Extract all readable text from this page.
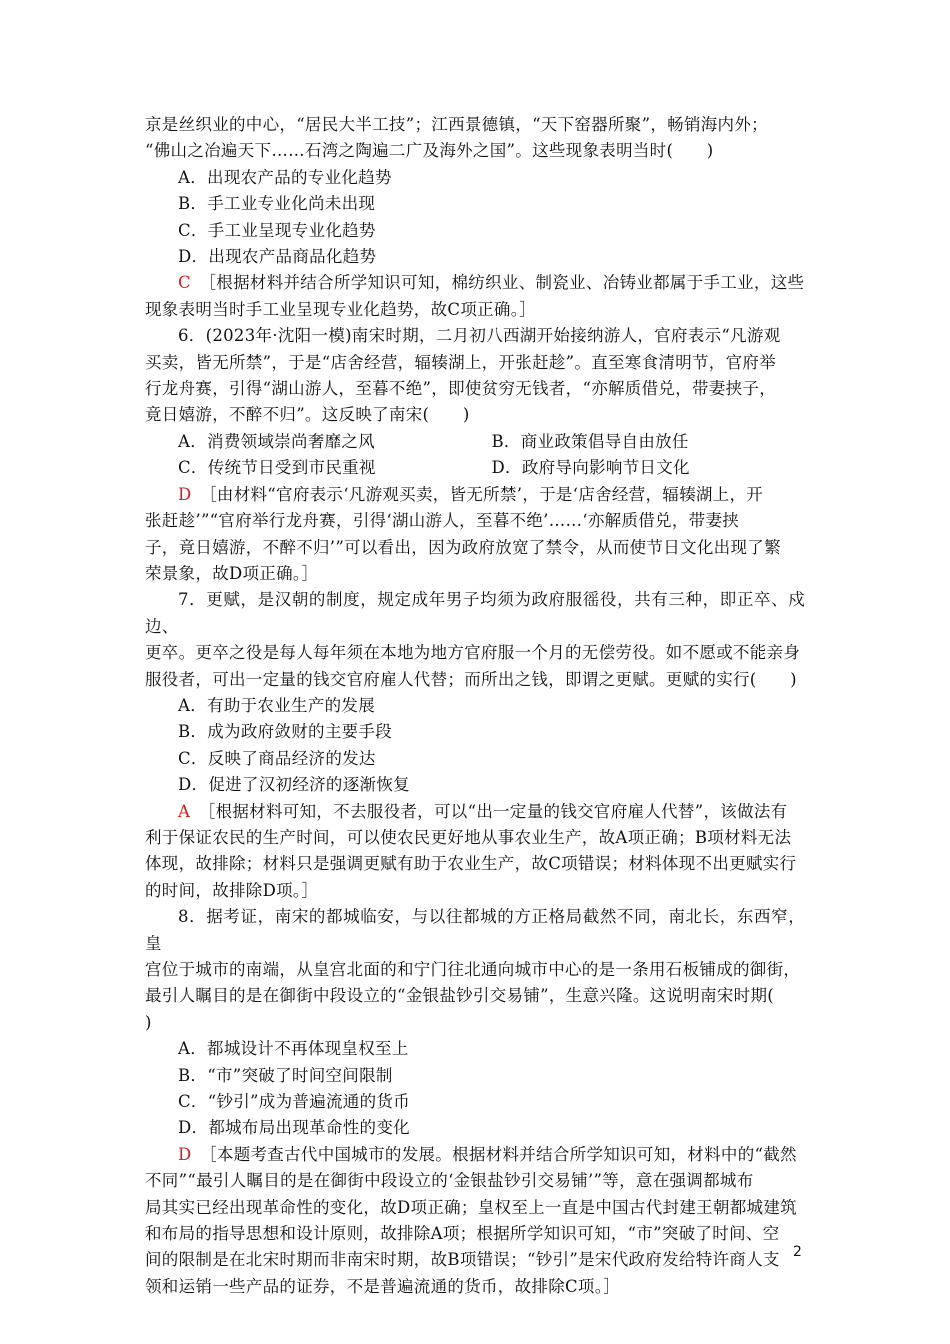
京是丝织业的中心，“居民大半工技”；江西景德镇，“天下窑器所聚”，畅销海内外；

“佛山之冶遍天下……石湾之陶遍二广及海外之国”。这些现象表明当时(　　)

A．出现农产品的专业化趋势

B．手工业专业化尚未出现

C．手工业呈现专业化趋势

D．出现农产品商品化趋势

C　 ［根据材料并结合所学知识可知，棉纺织业、制瓷业、冶铸业都属于手工业，这些

现象表明当时手工业呈现专业化趋势，故C项正确。］

6．(2023年·沈阳一模)南宋时期，二月初八西湖开始接纳游人，官府表示“凡游观

买卖，皆无所禁”，于是“店舍经营，辐辏湖上，开张赶趁”。直至寒食清明节，官府举

行龙舟赛，引得“湖山游人，至暮不绝”，即使贫穷无钱者，“亦解质借兑，带妻挟子，

竟日嬉游，不醉不归”。这反映了南宋(　　)

A．消费领域崇尚奢靡之风	B．商业政策倡导自由放任

C．传统节日受到市民重视	D．政府导向影响节日文化

D　 ［由材料“官府表示‘凡游观买卖，皆无所禁’，于是‘店舍经营，辐辏湖上，开

张赶趁’”“官府举行龙舟赛，引得‘湖山游人，至暮不绝’……‘亦解质借兑，带妻挟

子，竟日嬉游，不醉不归’”可以看出，因为政府放宽了禁令，从而使节日文化出现了繁

荣景象，故D项正确。］

7．更赋，是汉朝的制度，规定成年男子均须为政府服徭役，共有三种，即正卒、戍边、

更卒。更卒之役是每人每年须在本地为地方官府服一个月的无偿劳役。如不愿或不能亲身

服役者，可出一定量的钱交官府雇人代替；而所出之钱，即谓之更赋。更赋的实行(　　)

A．有助于农业生产的发展

B．成为政府敛财的主要手段

C．反映了商品经济的发达

D．促进了汉初经济的逐渐恢复

A　 ［根据材料可知，不去服役者，可以“出一定量的钱交官府雇人代替”，该做法有

利于保证农民的生产时间，可以使农民更好地从事农业生产，故A项正确；B项材料无法

体现，故排除；材料只是强调更赋有助于农业生产，故C项错误；材料体现不出更赋实行

的时间，故排除D项。］

8．据考证，南宋的都城临安，与以往都城的方正格局截然不同，南北长，东西窄，皇

宫位于城市的南端，从皇宫北面的和宁门往北通向城市中心的是一条用石板铺成的御街，

最引人瞩目的是在御街中段设立的“金银盐钞引交易铺”，生意兴隆。这说明南宋时期(

)

A．都城设计不再体现皇权至上

B．“市”突破了时间空间限制

C．“钞引”成为普遍流通的货币

D．都城布局出现革命性的变化

D　 ［本题考查古代中国城市的发展。根据材料并结合所学知识可知，材料中的“截然

不同”“最引人瞩目的是在御街中段设立的‘金银盐钞引交易铺’”等，意在强调都城布

局其实已经出现革命性的变化，故D项正确；皇权至上一直是中国古代封建王朝都城建筑

和布局的指导思想和设计原则，故排除A项；根据所学知识可知，“市”突破了时间、空

间的限制是在北宋时期而非南宋时期，故B项错误；“钞引”是宋代政府发给特许商人支

领和运销一些产品的证券，不是普遍流通的货币，故排除C项。］

2
